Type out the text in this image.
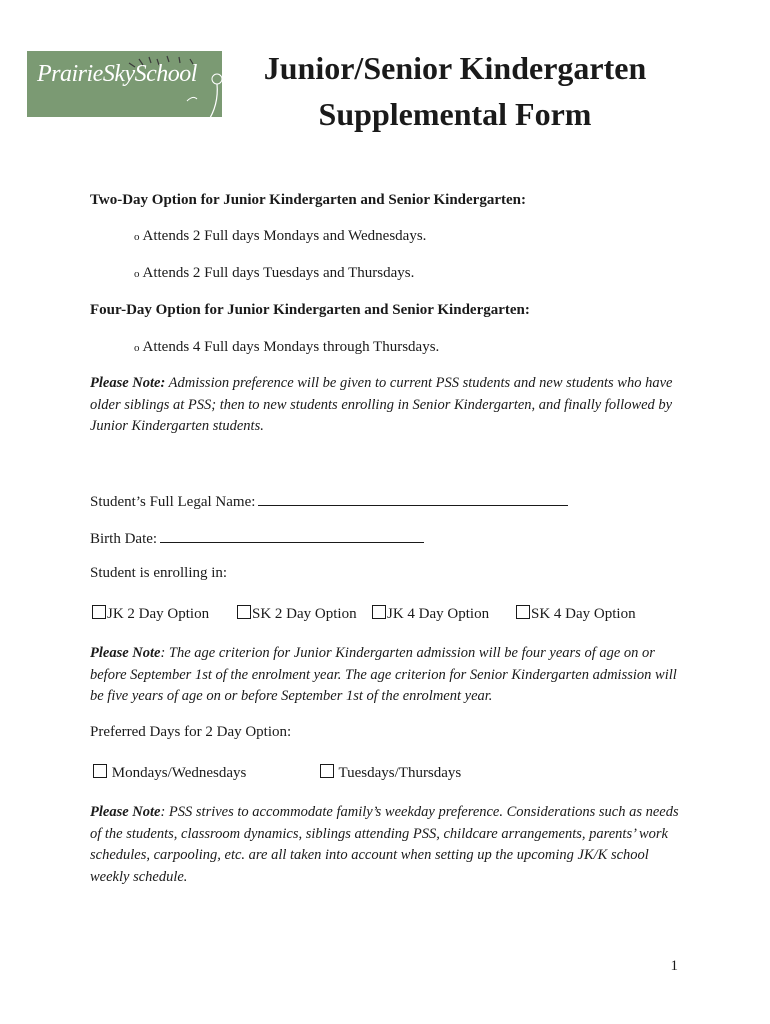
PrairieSkySchool	Junior/Senior Kindergarten
Supplemental Form

Two-Day Option for Junior Kindergarten and Senior Kindergarten:

o Attends 2 Full days Mondays and Wednesdays.

o Attends 2 Full days Tuesdays and Thursdays.

Four-Day Option for Junior Kindergarten and Senior Kindergarten:

o Attends 4 Full days Mondays through Thursdays.

Please Note: Admission preference will be given to current PSS students and new students who have older siblings at PSS; then to new students enrolling in Senior Kindergarten, and finally followed by Junior Kindergarten students.

Student’s Full Legal Name:

Birth Date:

Student is enrolling in:

JK 2 Day Option	SK 2 Day Option	JK 4 Day Option	SK 4 Day Option

Please Note: The age criterion for Junior Kindergarten admission will be four years of age on or before September 1st of the enrolment year. The age criterion for Senior Kindergarten admission will be five years of age on or before September 1st of the enrolment year.

Preferred Days for 2 Day Option:

Mondays/Wednesdays	Tuesdays/Thursdays

Please Note: PSS strives to accommodate family’s weekday preference. Considerations such as needs of the students, classroom dynamics, siblings attending PSS, childcare arrangements, parents’ work schedules, carpooling, etc. are all taken into account when setting up the upcoming JK/K school weekly schedule.

1
